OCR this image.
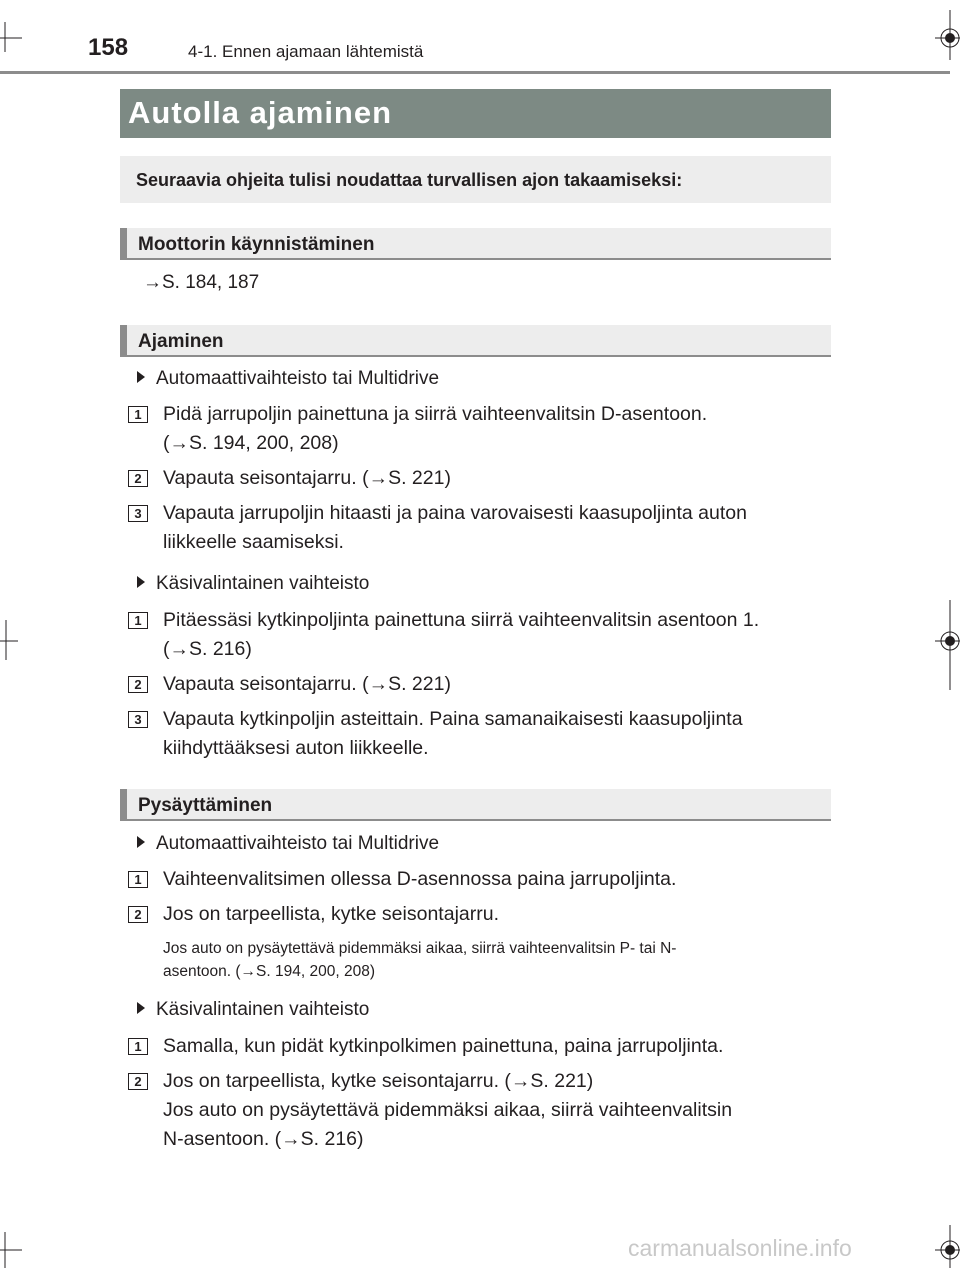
158	4-1. Ennen ajamaan lähtemistä
Autolla ajaminen
Seuraavia ohjeita tulisi noudattaa turvallisen ajon takaamiseksi:
Moottorin käynnistäminen
→S. 184, 187
Ajaminen
Automaattivaihteisto tai Multidrive
1	Pidä jarrupoljin painettuna ja siirrä vaihteenvalitsin D-asentoon.
(→S. 194, 200, 208)
2	Vapauta seisontajarru. (→S. 221)
3	Vapauta jarrupoljin hitaasti ja paina varovaisesti kaasupoljinta auton
liikkeelle saamiseksi.
Käsivalintainen vaihteisto
1	Pitäessäsi kytkinpoljinta painettuna siirrä vaihteenvalitsin asentoon 1.
(→S. 216)
2	Vapauta seisontajarru. (→S. 221)
3	Vapauta kytkinpoljin asteittain. Paina samanaikaisesti kaasupoljinta
kiihdyttääksesi auton liikkeelle.
Pysäyttäminen
Automaattivaihteisto tai Multidrive
1	Vaihteenvalitsimen ollessa D-asennossa paina jarrupoljinta.
2	Jos on tarpeellista, kytke seisontajarru.
Jos auto on pysäytettävä pidemmäksi aikaa, siirrä vaihteenvalitsin P- tai N-
asentoon. (→S. 194, 200, 208)
Käsivalintainen vaihteisto
1	Samalla, kun pidät kytkinpolkimen painettuna, paina jarrupoljinta.
2	Jos on tarpeellista, kytke seisontajarru. (→S. 221)
Jos auto on pysäytettävä pidemmäksi aikaa, siirrä vaihteenvalitsin
N-asentoon. (→S. 216)
carmanualsonline.info
